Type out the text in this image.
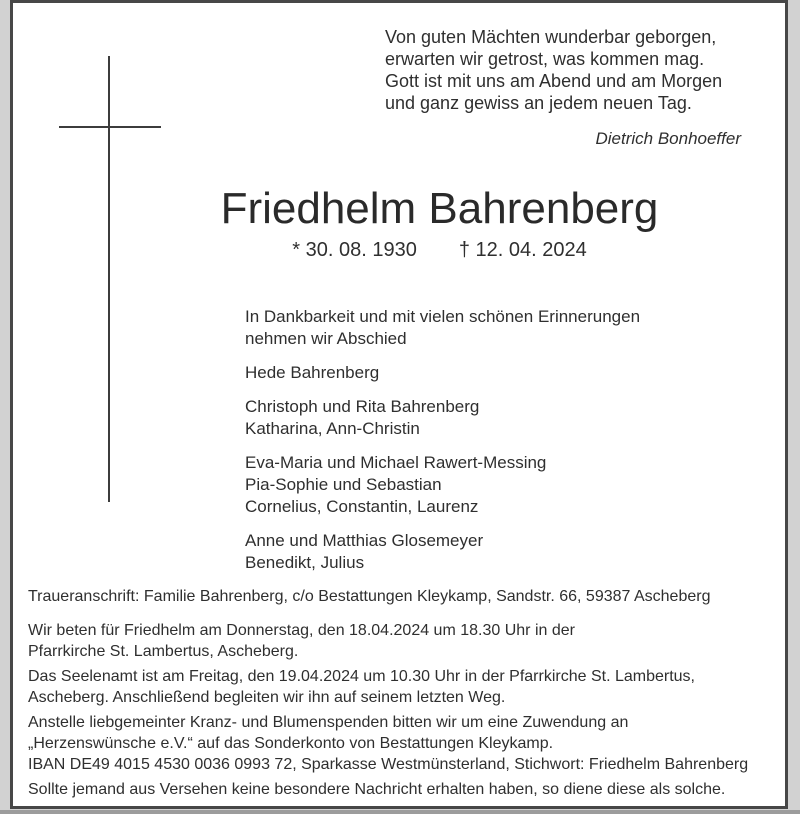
Von guten Mächten wunderbar geborgen,
erwarten wir getrost, was kommen mag.
Gott ist mit uns am Abend und am Morgen
und ganz gewiss an jedem neuen Tag.
Dietrich Bonhoeffer
Friedhelm Bahrenberg
* 30. 08. 1930 † 12. 04. 2024
In Dankbarkeit und mit vielen schönen Erinnerungen
nehmen wir Abschied
Hede Bahrenberg
Christoph und Rita Bahrenberg
Katharina, Ann-Christin
Eva-Maria und Michael Rawert-Messing
Pia-Sophie und Sebastian
Cornelius, Constantin, Laurenz
Anne und Matthias Glosemeyer
Benedikt, Julius
Traueranschrift: Familie Bahrenberg, c/o Bestattungen Kleykamp, Sandstr. 66, 59387 Ascheberg
Wir beten für Friedhelm am Donnerstag, den 18.04.2024 um 18.30 Uhr in der
Pfarrkirche St. Lambertus, Ascheberg.
Das Seelenamt ist am Freitag, den 19.04.2024 um 10.30 Uhr in der Pfarrkirche St. Lambertus,
Ascheberg. Anschließend begleiten wir ihn auf seinem letzten Weg.
Anstelle liebgemeinter Kranz- und Blumenspenden bitten wir um eine Zuwendung an
„Herzenswünsche e.V.“ auf das Sonderkonto von Bestattungen Kleykamp.
IBAN DE49 4015 4530 0036 0993 72, Sparkasse Westmünsterland, Stichwort: Friedhelm Bahrenberg
Sollte jemand aus Versehen keine besondere Nachricht erhalten haben, so diene diese als solche.
